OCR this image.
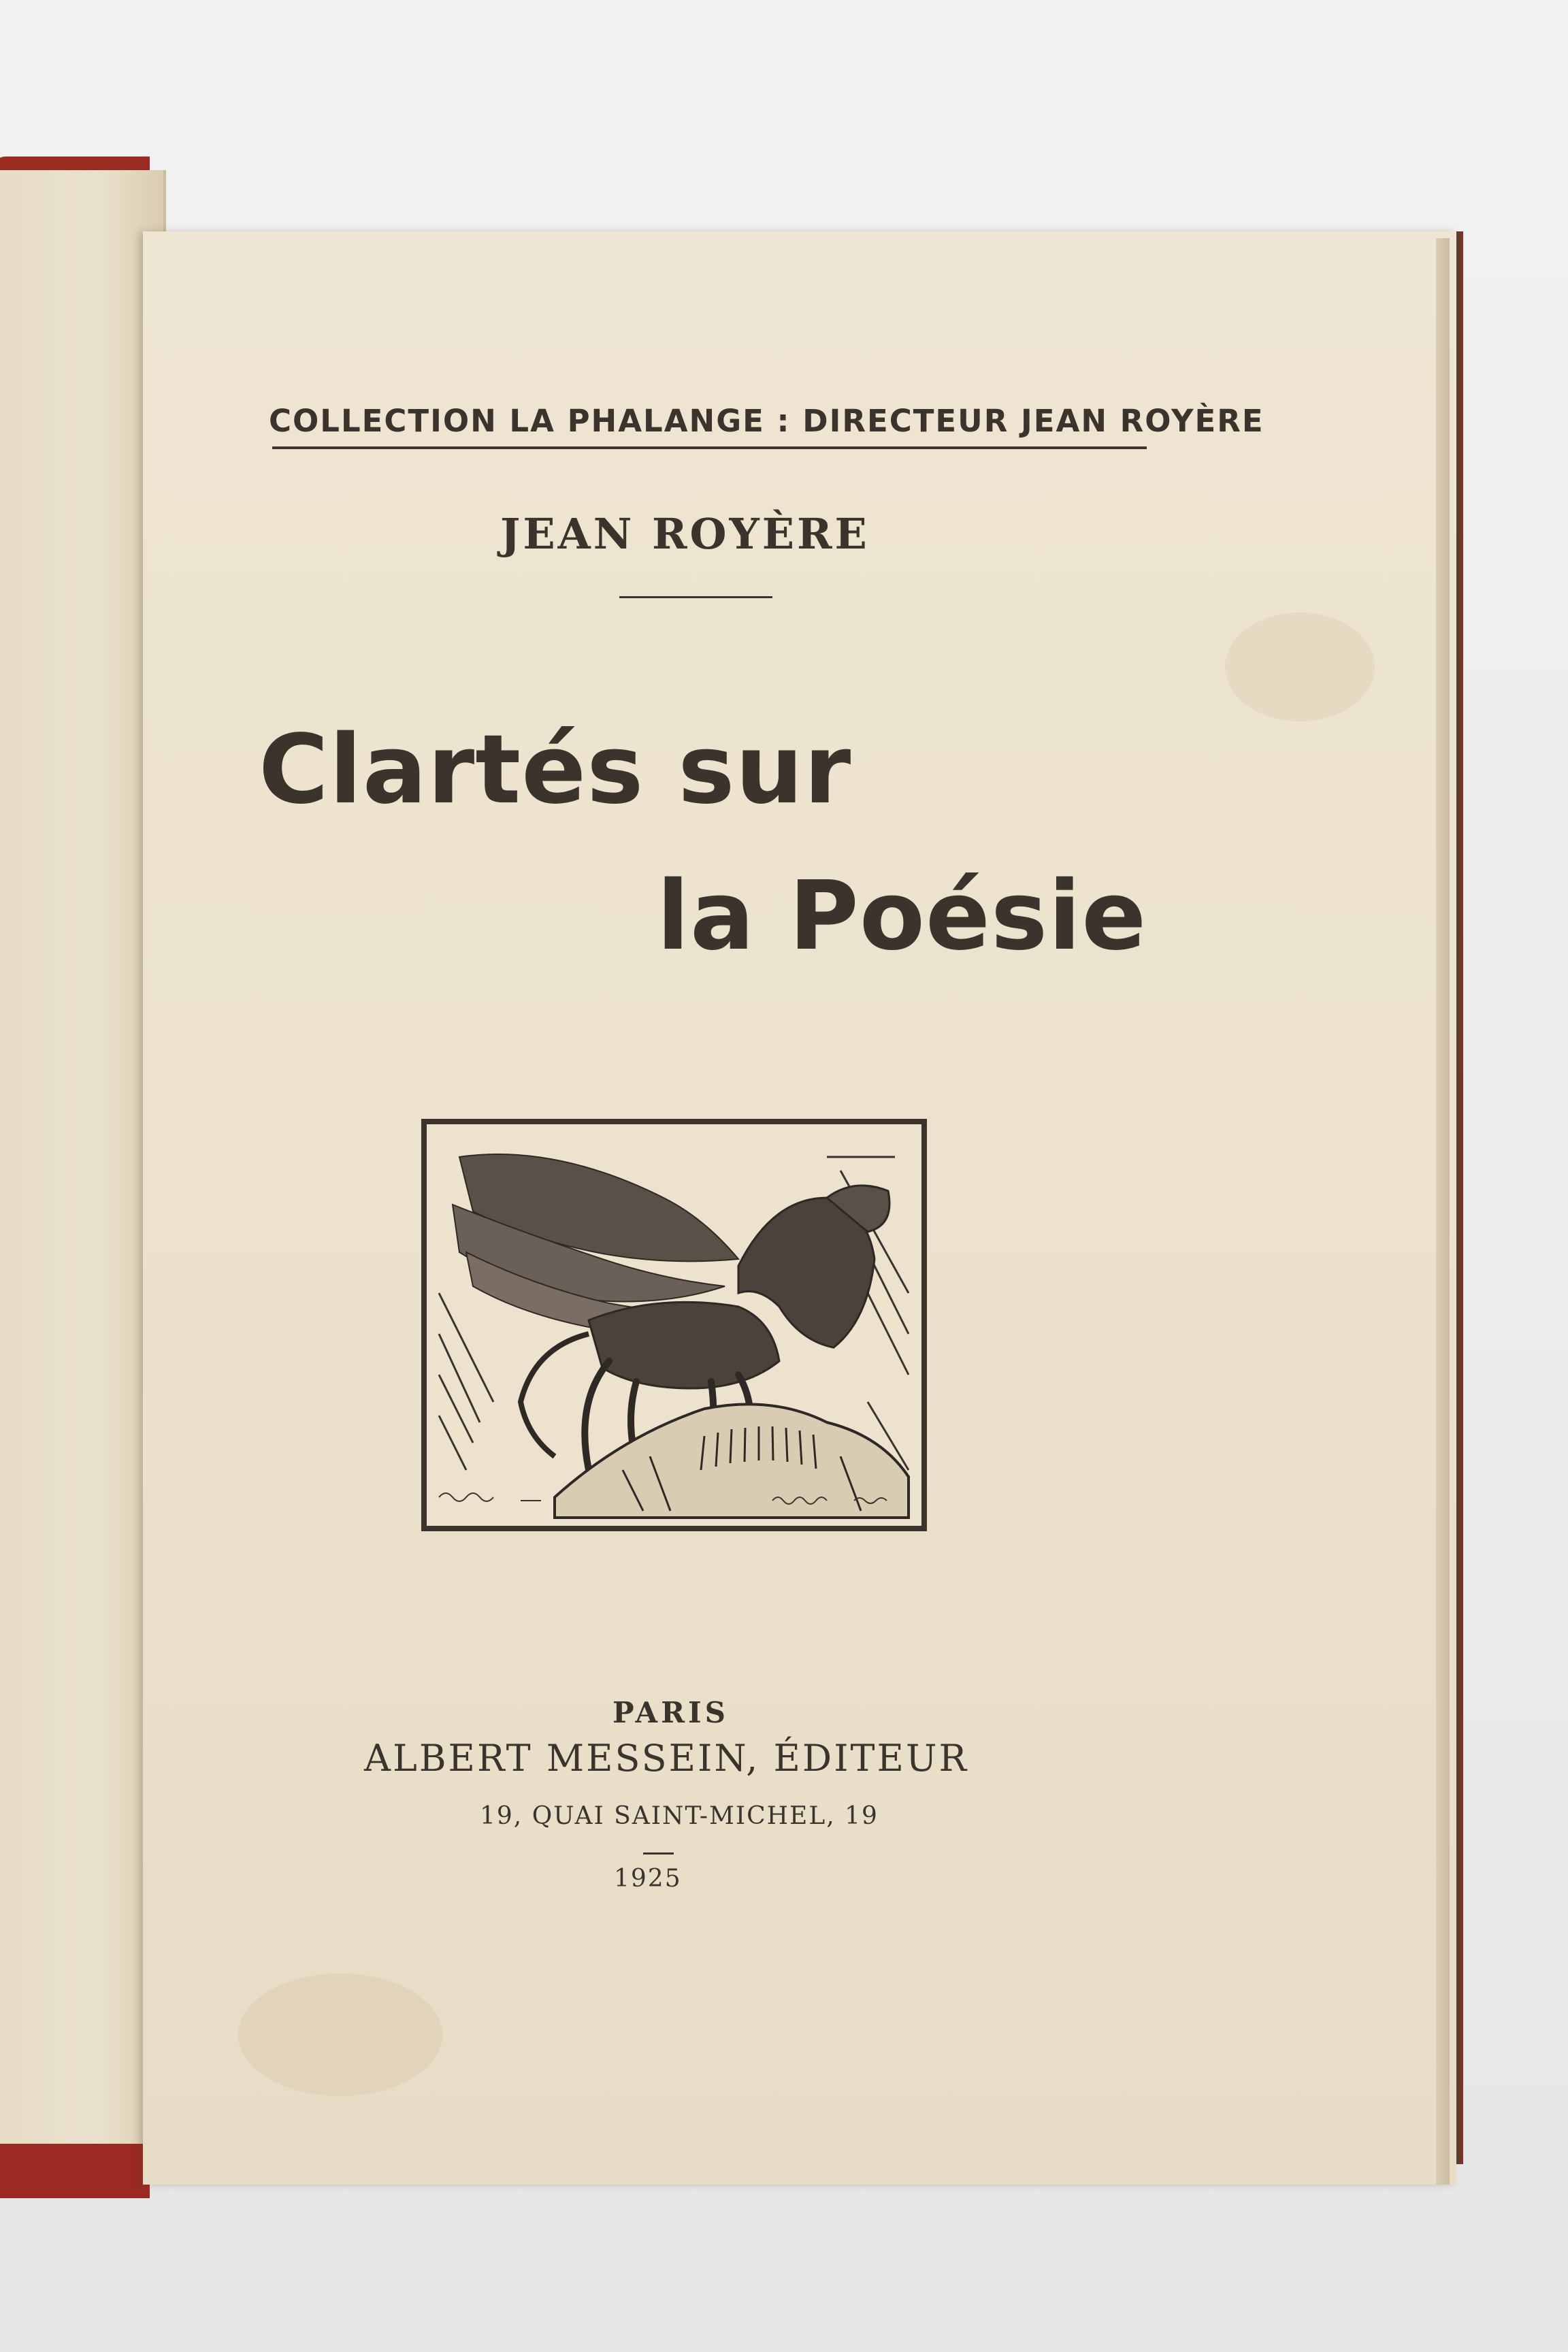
COLLECTION LA PHALANGE : DIRECTEUR JEAN ROYÈRE
JEAN ROYÈRE
Clartés sur
la Poésie
PARIS
ALBERT MESSEIN, ÉDITEUR
19, QUAI SAINT-MICHEL, 19
1925
